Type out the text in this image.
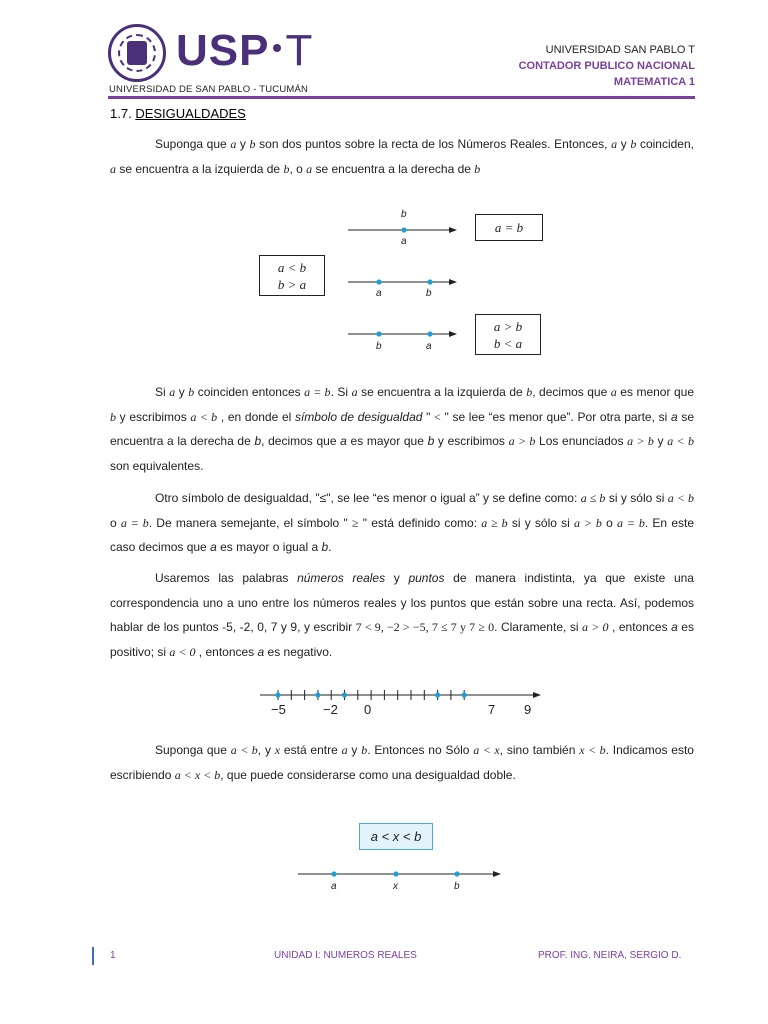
USP T
UNIVERSIDAD DE SAN PABLO - TUCUMÁN
UNIVERSIDAD SAN PABLO T
CONTADOR PUBLICO NACIONAL
MATEMATICA 1
1.7. DESIGUALDADES
Suponga que a y b son dos puntos sobre la recta de los Números Reales. Entonces, a y b coinciden, a se encuentra a la izquierda de b, o a se encuentra a la derecha de b
b
a
a	b
b	a
a = b
a < b
b > a
a > b
b < a
Si a y b coinciden entonces a = b. Si a se encuentra a la izquierda de b, decimos que a es menor que b y escribimos a < b , en donde el símbolo de desigualdad " < " se lee “es menor que”. Por otra parte, si a se encuentra a la derecha de b, decimos que a es mayor que b y escribimos a > b Los enunciados a > b y a < b son equivalentes.
Otro símbolo de desigualdad, "≤", se lee “es menor o igual a” y se define como: a ≤ b si y sólo si a < b o a = b. De manera semejante, el símbolo " ≥ " está definido como: a ≥ b si y sólo si a > b o a = b. En este caso decimos que a es mayor o igual a b.
Usaremos las palabras números reales y puntos de manera indistinta, ya que existe una correspondencia uno a uno entre los números reales y los puntos que están sobre una recta. Así, podemos hablar de los puntos -5, -2, 0, 7 y 9, y escribir 7 < 9, −2 > −5, 7 ≤ 7 y 7 ≥ 0. Claramente, si a > 0 , entonces a es positivo; si a < 0 , entonces a es negativo.
−5	−2 0	7 9
Suponga que a < b, y x está entre a y b. Entonces no Sólo a < x, sino también x < b. Indicamos esto escribiendo a < x < b, que puede considerarse como una desigualdad doble.
a < x < b
a	x	b
1	UNIDAD I: NUMEROS REALES	PROF. ING. NEIRA, SERGIO D.
